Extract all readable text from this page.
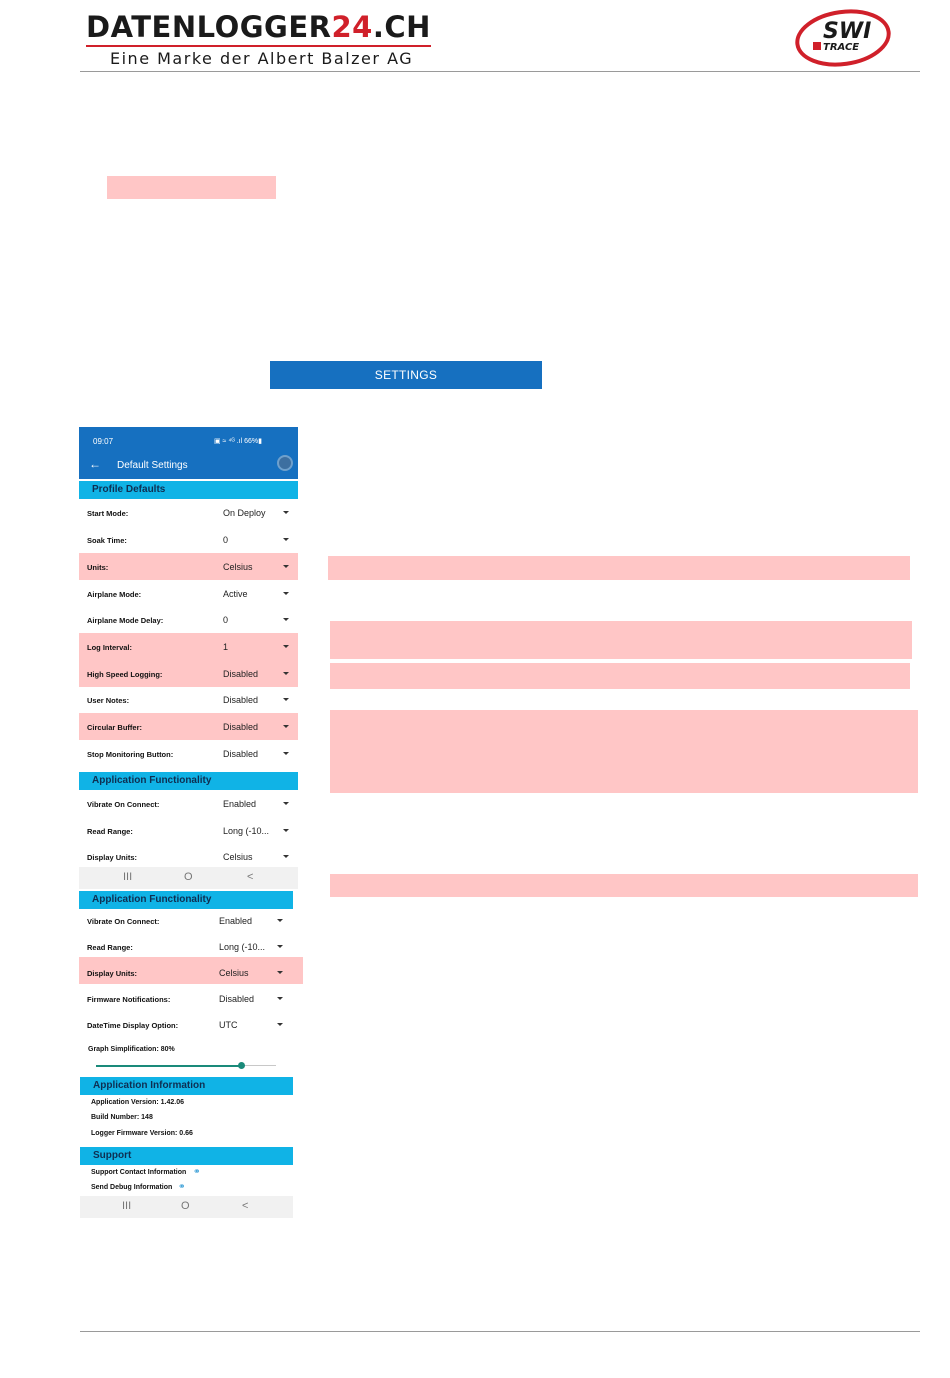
DATENLOGGER24.CH
Eine Marke der Albert Balzer AG
SWI
TRACE
SETTINGS
09:07	▣ ≈ ⁴ᴳ .ıl 66%▮
← Default Settings
Profile Defaults
Start Mode:	On Deploy
Soak Time:	0
Units:	Celsius
Airplane Mode:	Active
Airplane Mode Delay:	0
Log Interval:	1
High Speed Logging:	Disabled
User Notes:	Disabled
Circular Buffer:	Disabled
Stop Monitoring Button:	Disabled
Application Functionality
Vibrate On Connect:	Enabled
Read Range:	Long (-10...
Display Units:	Celsius
III	O	<
Application Functionality
Vibrate On Connect:	Enabled
Read Range:	Long (-10...
Display Units:	Celsius
Firmware Notifications:	Disabled
DateTime Display Option:	UTC
Graph Simplification: 80%
Application Information
Application Version: 1.42.06
Build Number: 148
Logger Firmware Version: 0.66
Support
Support Contact Information ⚭
Send Debug Information ⚭
III	O	<
